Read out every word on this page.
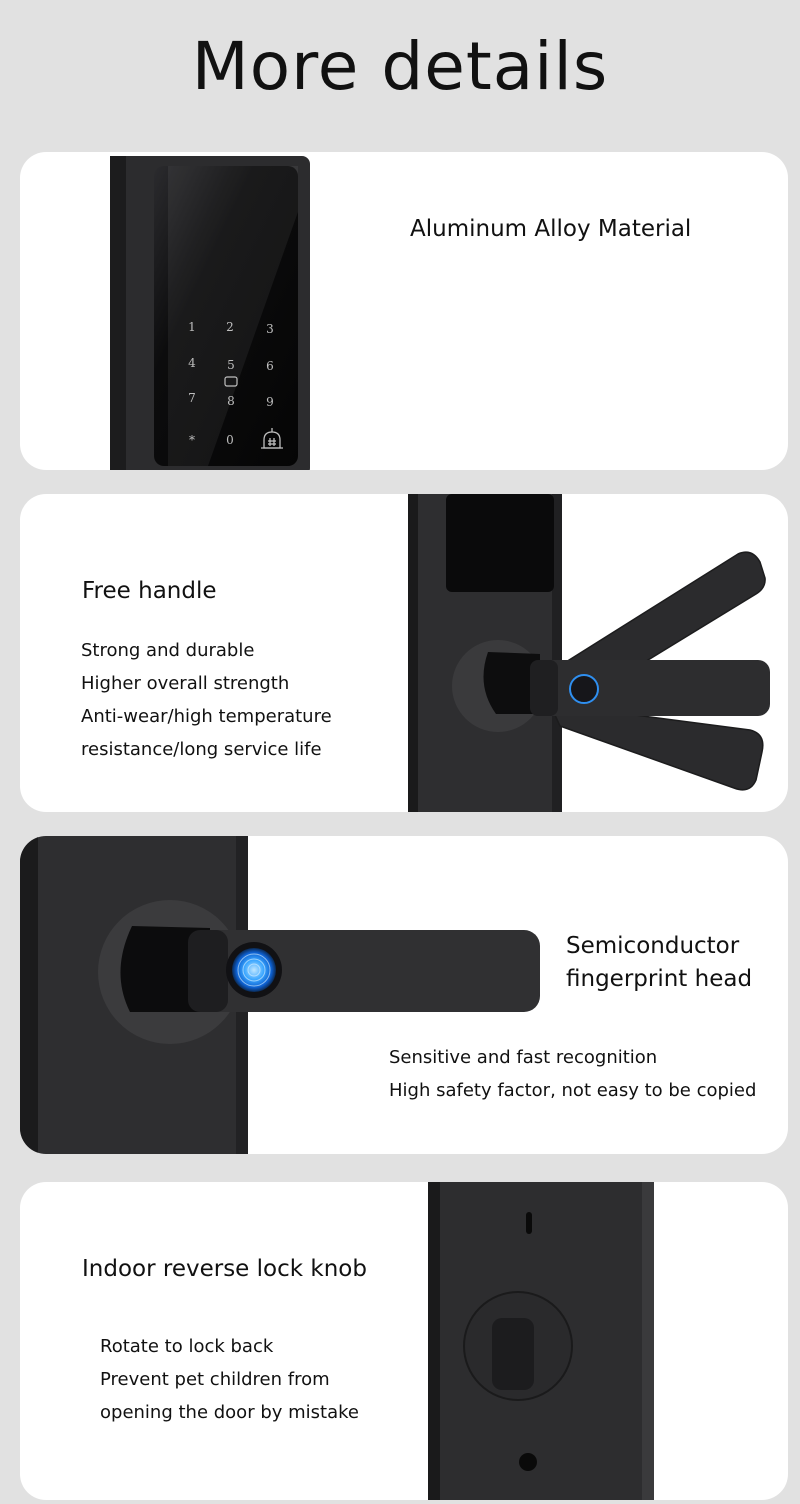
More details
1	2	3
4	5	6
7	8	9
*	0
Aluminum Alloy Material
Free handle
Strong and durable
Higher overall strength
Anti-wear/high temperature
resistance/long service life
Semiconductor
fingerprint head
Sensitive and fast recognition
High safety factor, not easy to be copied
Indoor reverse lock knob
Rotate to lock back
Prevent pet children from
opening the door by mistake
